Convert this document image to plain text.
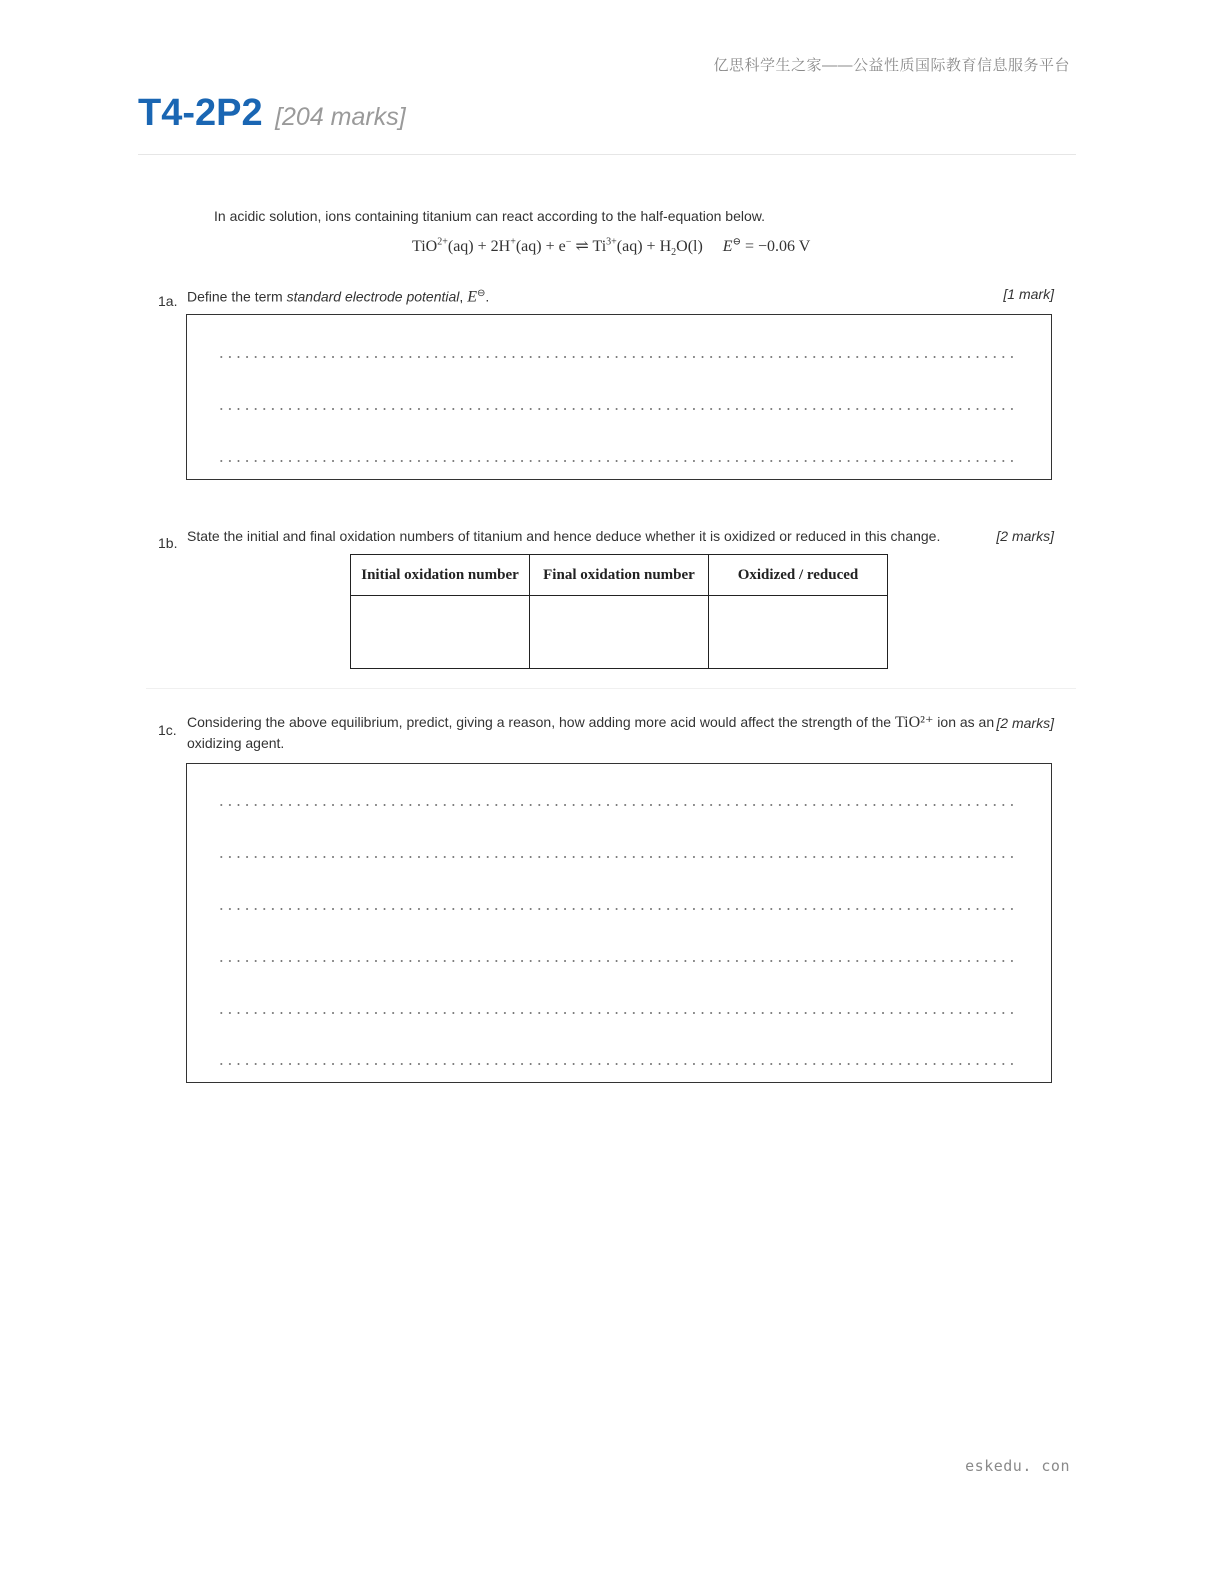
亿思科学生之家——公益性质国际教育信息服务平台
T4-2P2 [204 marks]
In acidic solution, ions containing titanium can react according to the half-equation below.
TiO$^{2+}$(aq) + 2H+(aq) + e− ⇌ $Ti^{3+}(aq) + H_2O(l)$     E⊖ = −0.06 V
1a. Define the term standard electrode potential, E⊖.	[1 mark]
1b. State the initial and final oxidation numbers of titanium and hence deduce whether it is oxidized or reduced in this change.	[2 marks]
Initial oxidation number	Final oxidation number	Oxidized / reduced

1c. Considering the above equilibrium, predict, giving a reason, how adding more acid would affect the strength of the TiO²⁺ ion as an oxidizing agent.
[2 marks]
eskedu. con
